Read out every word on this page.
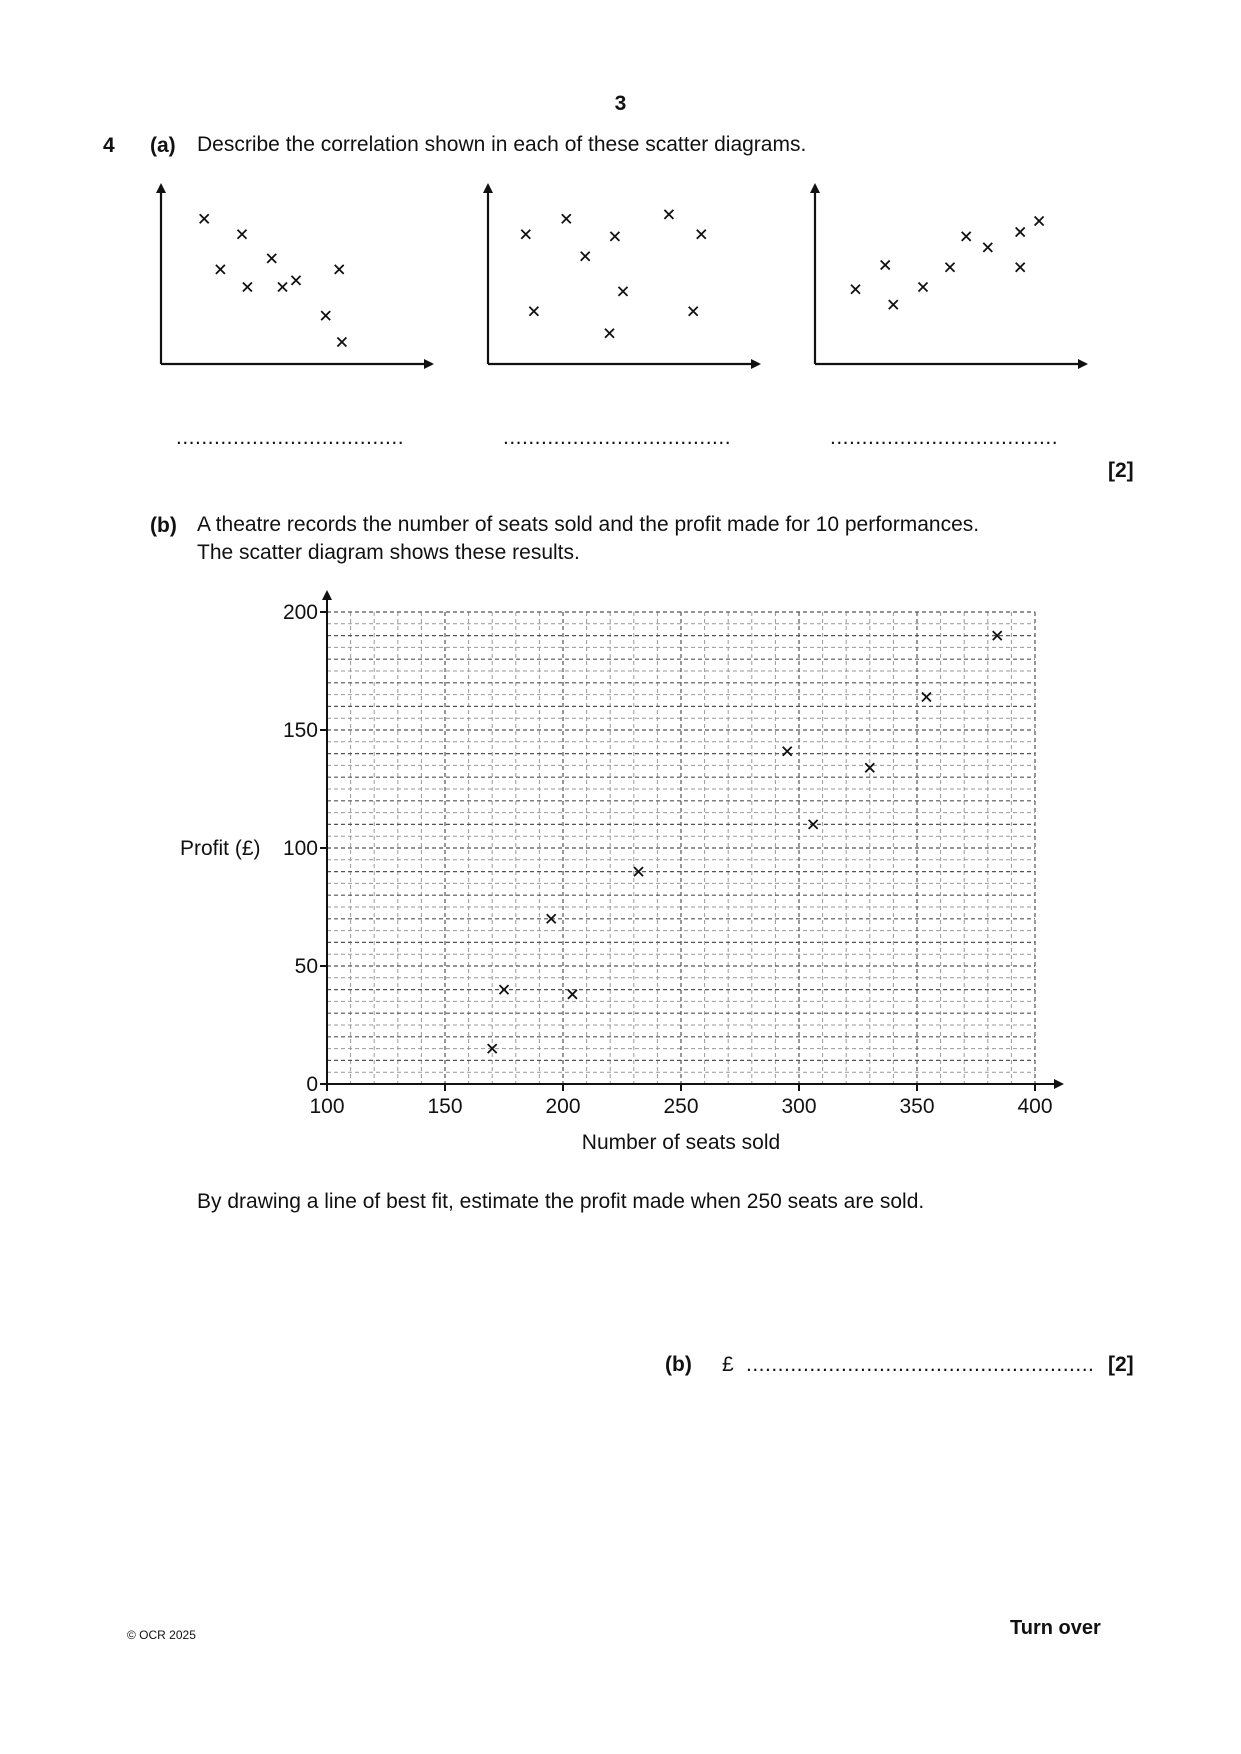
3
4 (a) Describe the correlation shown in each of these scatter diagrams.
100	150	200	250	300	350	400
0
50
100
150
200
Number of seats sold
Profit (£)
....................................	....................................	....................................
[2]
(b) A theatre records the number of seats sold and the profit made for 10 performances.
The scatter diagram shows these results.
By drawing a line of best fit, estimate the profit made when 250 seats are sold.
(b) £ ....................................................... [2]
© OCR 2025	Turn over
